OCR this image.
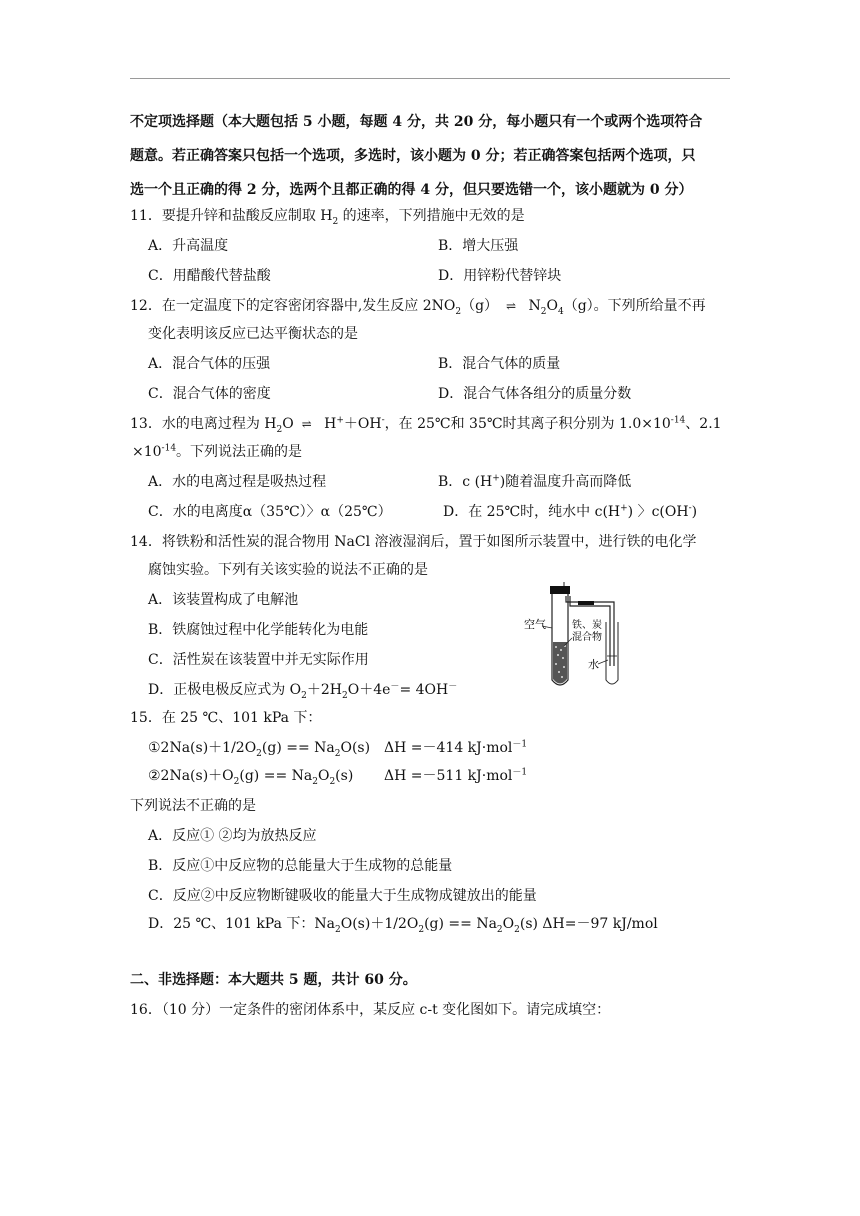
不定项选择题（本大题包括 5 小题，每题 4 分，共 20 分，每小题只有一个或两个选项符合
题意。若正确答案只包括一个选项，多选时，该小题为 0 分；若正确答案包括两个选项，只
选一个且正确的得 2 分，选两个且都正确的得 4 分，但只要选错一个，该小题就为 0 分）
11．要提升锌和盐酸反应制取 $H_2$ 的速率，下列措施中无效的是
A．升高温度	B．增大压强
C．用醋酸代替盐酸	D．用锌粉代替锌块
12．在一定温度下的定容密闭容器中,发生反应 $2NO_2(g)$ ⇌ $N_2O_4(g)$。下列所给量不再
变化表明该反应已达平衡状态的是
A．混合气体的压强	B．混合气体的质量
C．混合气体的密度	D．混合气体各组分的质量分数
13．水的电离过程为 $H_2O$ ⇌ H+＋OH-，在 25℃和 35℃时其离子积分别为 $1.0\times 10^{-14}$、2.1
$\times 10^{-14}$。下列说法正确的是
A．水的电离过程是吸热过程	B．c (H+)随着温度升高而降低
C．水的电离度α（35℃）〉α（25℃）	D．在 25℃时，纯水中 c(H+) 〉c(OH-)
14．将铁粉和活性炭的混合物用 NaCl 溶液湿润后，置于如图所示装置中，进行铁的电化学
腐蚀实验。下列有关该实验的说法不正确的是
A．该装置构成了电解池
B．铁腐蚀过程中化学能转化为电能
C．活性炭在该装置中并无实际作用
D．正极电极反应式为 $O_2+2H_2O+4e^-= 4OH^-$
空气	铁、炭
混合物
水
15．在 25 ℃、101 kPa 下：
$①2Na(s)+1/2O_2(g) == Na_2O(s)$ ΔH =－414 kJ·mol$^{-1}$
$②2Na(s)+O_2(g) == Na_2O_2(s)$ ΔH =－511 kJ·mol$^{-1}$
下列说法不正确的是
A．反应① ②均为放热反应
B．反应①中反应物的总能量大于生成物的总能量
C．反应②中反应物断键吸收的能量大于生成物成键放出的能量
D．25 ℃、101 kPa 下：$Na_2O(s)+1/2O_2(g) == Na_2O_2(s)$ ΔH=－97 kJ/mol
二、非选择题：本大题共 5 题，共计 60 分。
16．（10 分）一定条件的密闭体系中，某反应 c-t 变化图如下。请完成填空：
